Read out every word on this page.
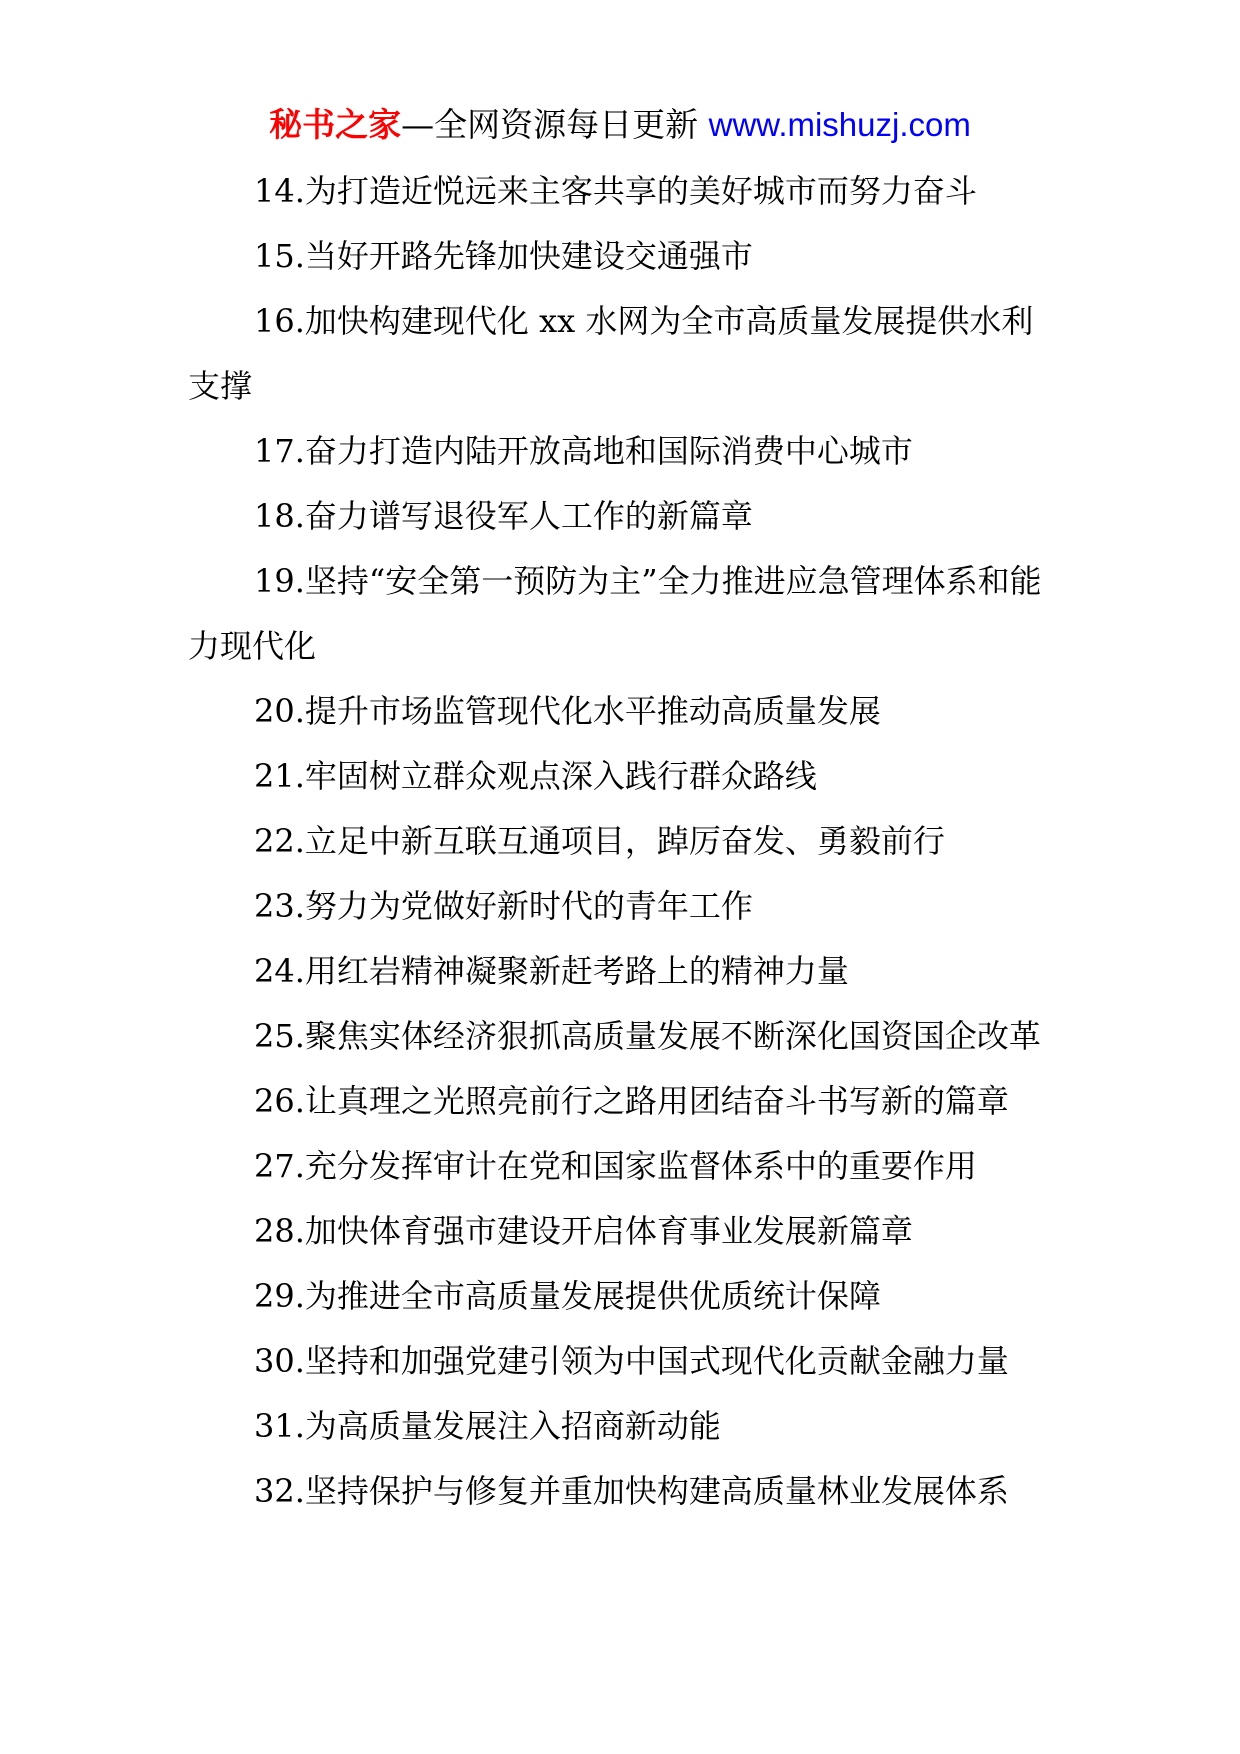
秘书之家—全网资源每日更新 www.mishuzj.com

14.为打造近悦远来主客共享的美好城市而努力奋斗

15.当好开路先锋加快建设交通强市

16.加快构建现代化 xx 水网为全市高质量发展提供水利支撑

17.奋力打造内陆开放高地和国际消费中心城市

18.奋力谱写退役军人工作的新篇章

19.坚持“安全第一预防为主”全力推进应急管理体系和能力现代化

20.提升市场监管现代化水平推动高质量发展

21.牢固树立群众观点深入践行群众路线

22.立足中新互联互通项目，踔厉奋发、勇毅前行

23.努力为党做好新时代的青年工作

24.用红岩精神凝聚新赶考路上的精神力量

25.聚焦实体经济狠抓高质量发展不断深化国资国企改革

26.让真理之光照亮前行之路用团结奋斗书写新的篇章

27.充分发挥审计在党和国家监督体系中的重要作用

28.加快体育强市建设开启体育事业发展新篇章

29.为推进全市高质量发展提供优质统计保障

30.坚持和加强党建引领为中国式现代化贡献金融力量

31.为高质量发展注入招商新动能

32.坚持保护与修复并重加快构建高质量林业发展体系
